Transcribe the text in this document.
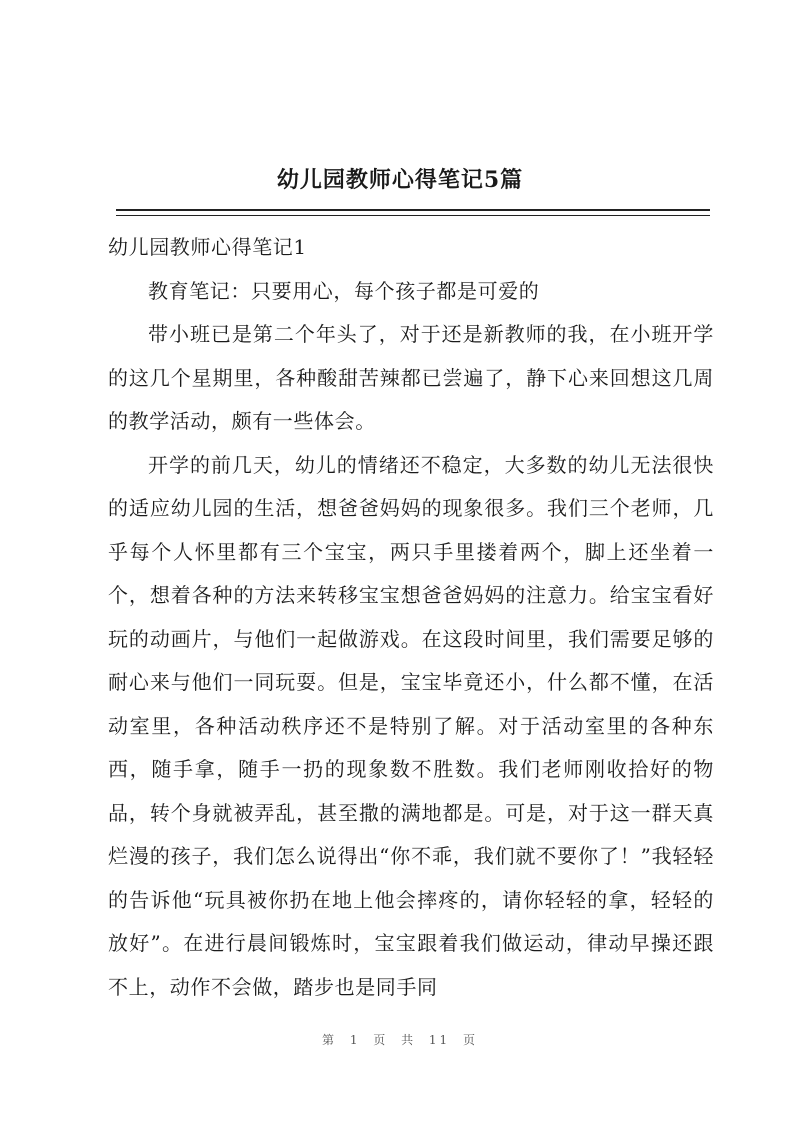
幼儿园教师心得笔记5篇

幼儿园教师心得笔记1

教育笔记：只要用心，每个孩子都是可爱的

带小班已是第二个年头了，对于还是新教师的我，在小班开学的这几个星期里，各种酸甜苦辣都已尝遍了，静下心来回想这几周的教学活动，颇有一些体会。

开学的前几天，幼儿的情绪还不稳定，大多数的幼儿无法很快的适应幼儿园的生活，想爸爸妈妈的现象很多。我们三个老师，几乎每个人怀里都有三个宝宝，两只手里搂着两个，脚上还坐着一个，想着各种的方法来转移宝宝想爸爸妈妈的注意力。给宝宝看好玩的动画片，与他们一起做游戏。在这段时间里，我们需要足够的耐心来与他们一同玩耍。但是，宝宝毕竟还小，什么都不懂，在活动室里，各种活动秩序还不是特别了解。对于活动室里的各种东西，随手拿，随手一扔的现象数不胜数。我们老师刚收拾好的物品，转个身就被弄乱，甚至撒的满地都是。可是，对于这一群天真烂漫的孩子，我们怎么说得出“你不乖，我们就不要你了！”我轻轻的告诉他“玩具被你扔在地上他会摔疼的，请你轻轻的拿，轻轻的放好”。在进行晨间锻炼时，宝宝跟着我们做运动，律动早操还跟不上，动作不会做，踏步也是同手同

第 1 页 共 11 页
